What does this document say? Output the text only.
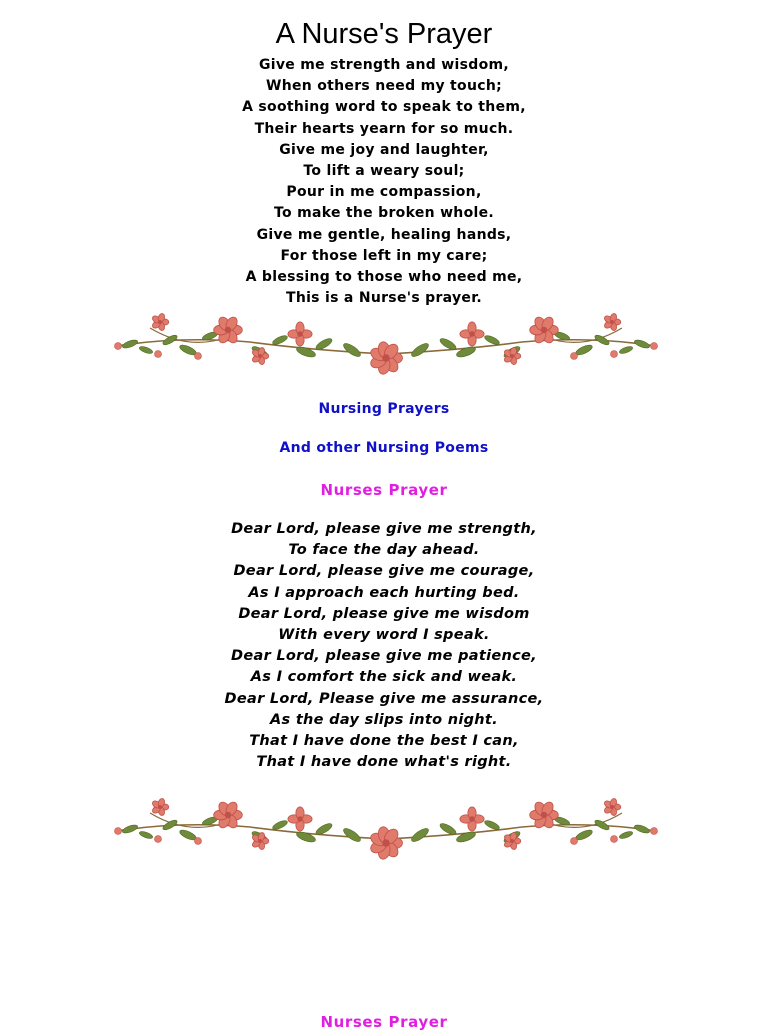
A Nurse's Prayer
Give me strength and wisdom,
When others need my touch;
A soothing word to speak to them,
Their hearts yearn for so much.
Give me joy and laughter,
To lift a weary soul;
Pour in me compassion,
To make the broken whole.
Give me gentle, healing hands,
For those left in my care;
A blessing to those who need me,
This is a Nurse's prayer.
Nursing Prayers
And other Nursing Poems
Nurses Prayer
Dear Lord, please give me strength,
To face the day ahead.
Dear Lord, please give me courage,
As I approach each hurting bed.
Dear Lord, please give me wisdom
With every word I speak.
Dear Lord, please give me patience,
As I comfort the sick and weak.
Dear Lord, Please give me assurance,
As the day slips into night.
That I have done the best I can,
That I have done what's right.
Nurses Prayer
